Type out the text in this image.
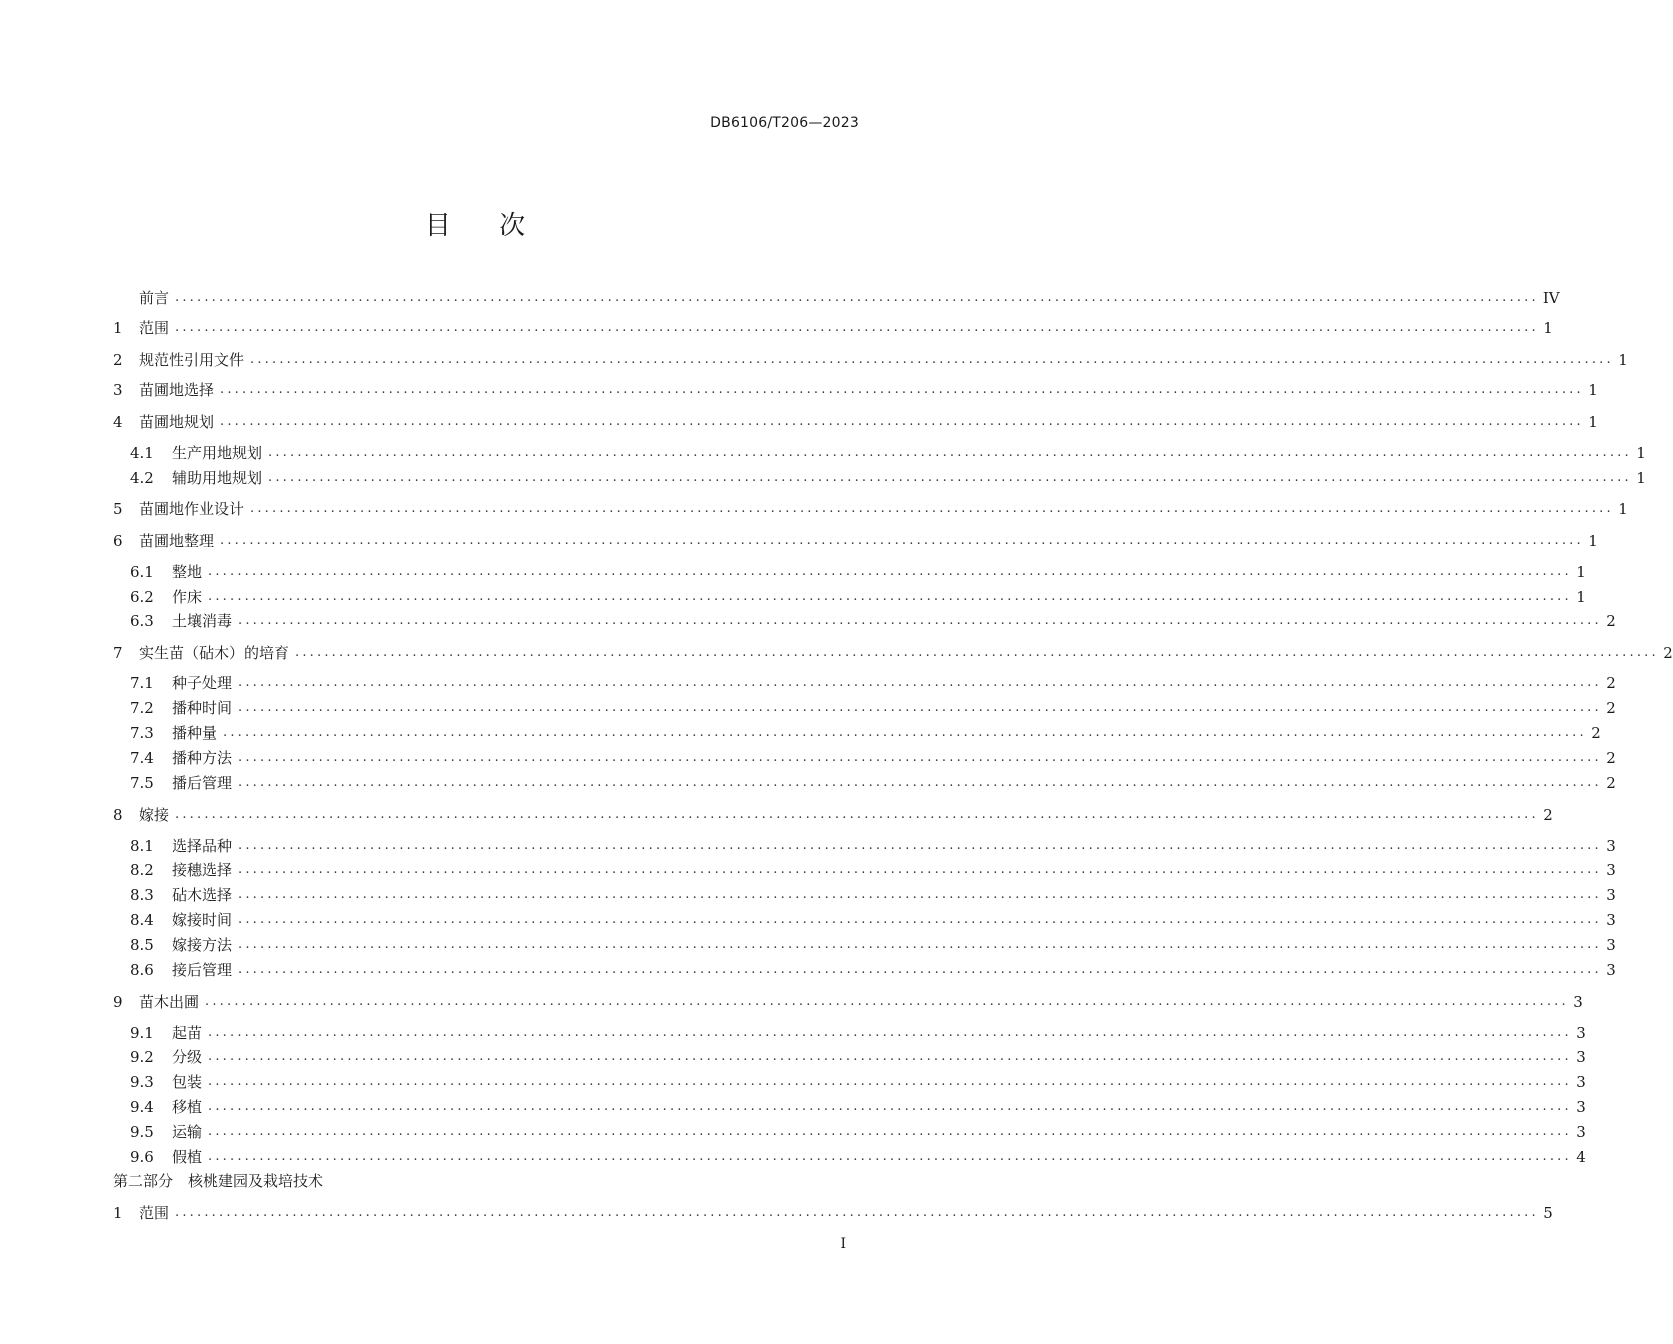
DB6106/T206—2023
目 次
前言 .......................................................................................................................................................................................... IV
1	范围 .......................................................................................................................................................................................... 1
2	规范性引用文件 .......................................................................................................................................................................................... 1
3	苗圃地选择 .......................................................................................................................................................................................... 1
4	苗圃地规划 .......................................................................................................................................................................................... 1
4.1	生产用地规划 .......................................................................................................................................................................................... 1
4.2	辅助用地规划 .......................................................................................................................................................................................... 1
5	苗圃地作业设计 .......................................................................................................................................................................................... 1
6	苗圃地整理 .......................................................................................................................................................................................... 1
6.1	整地 .......................................................................................................................................................................................... 1
6.2	作床 .......................................................................................................................................................................................... 1
6.3	土壤消毒 .......................................................................................................................................................................................... 2
7	实生苗（砧木）的培育 .......................................................................................................................................................................................... 2
7.1	种子处理 .......................................................................................................................................................................................... 2
7.2	播种时间 .......................................................................................................................................................................................... 2
7.3	播种量 .......................................................................................................................................................................................... 2
7.4	播种方法 .......................................................................................................................................................................................... 2
7.5	播后管理 .......................................................................................................................................................................................... 2
8	嫁接 .......................................................................................................................................................................................... 2
8.1	选择品种 .......................................................................................................................................................................................... 3
8.2	接穗选择 .......................................................................................................................................................................................... 3
8.3	砧木选择 .......................................................................................................................................................................................... 3
8.4	嫁接时间 .......................................................................................................................................................................................... 3
8.5	嫁接方法 .......................................................................................................................................................................................... 3
8.6	接后管理 .......................................................................................................................................................................................... 3
9	苗木出圃 .......................................................................................................................................................................................... 3
9.1	起苗 .......................................................................................................................................................................................... 3
9.2	分级 .......................................................................................................................................................................................... 3
9.3	包装 .......................................................................................................................................................................................... 3
9.4	移植 .......................................................................................................................................................................................... 3
9.5	运输 .......................................................................................................................................................................................... 3
9.6	假植 .......................................................................................................................................................................................... 4
1	范围 .......................................................................................................................................................................................... 5
第二部分　核桃建园及栽培技术
I
